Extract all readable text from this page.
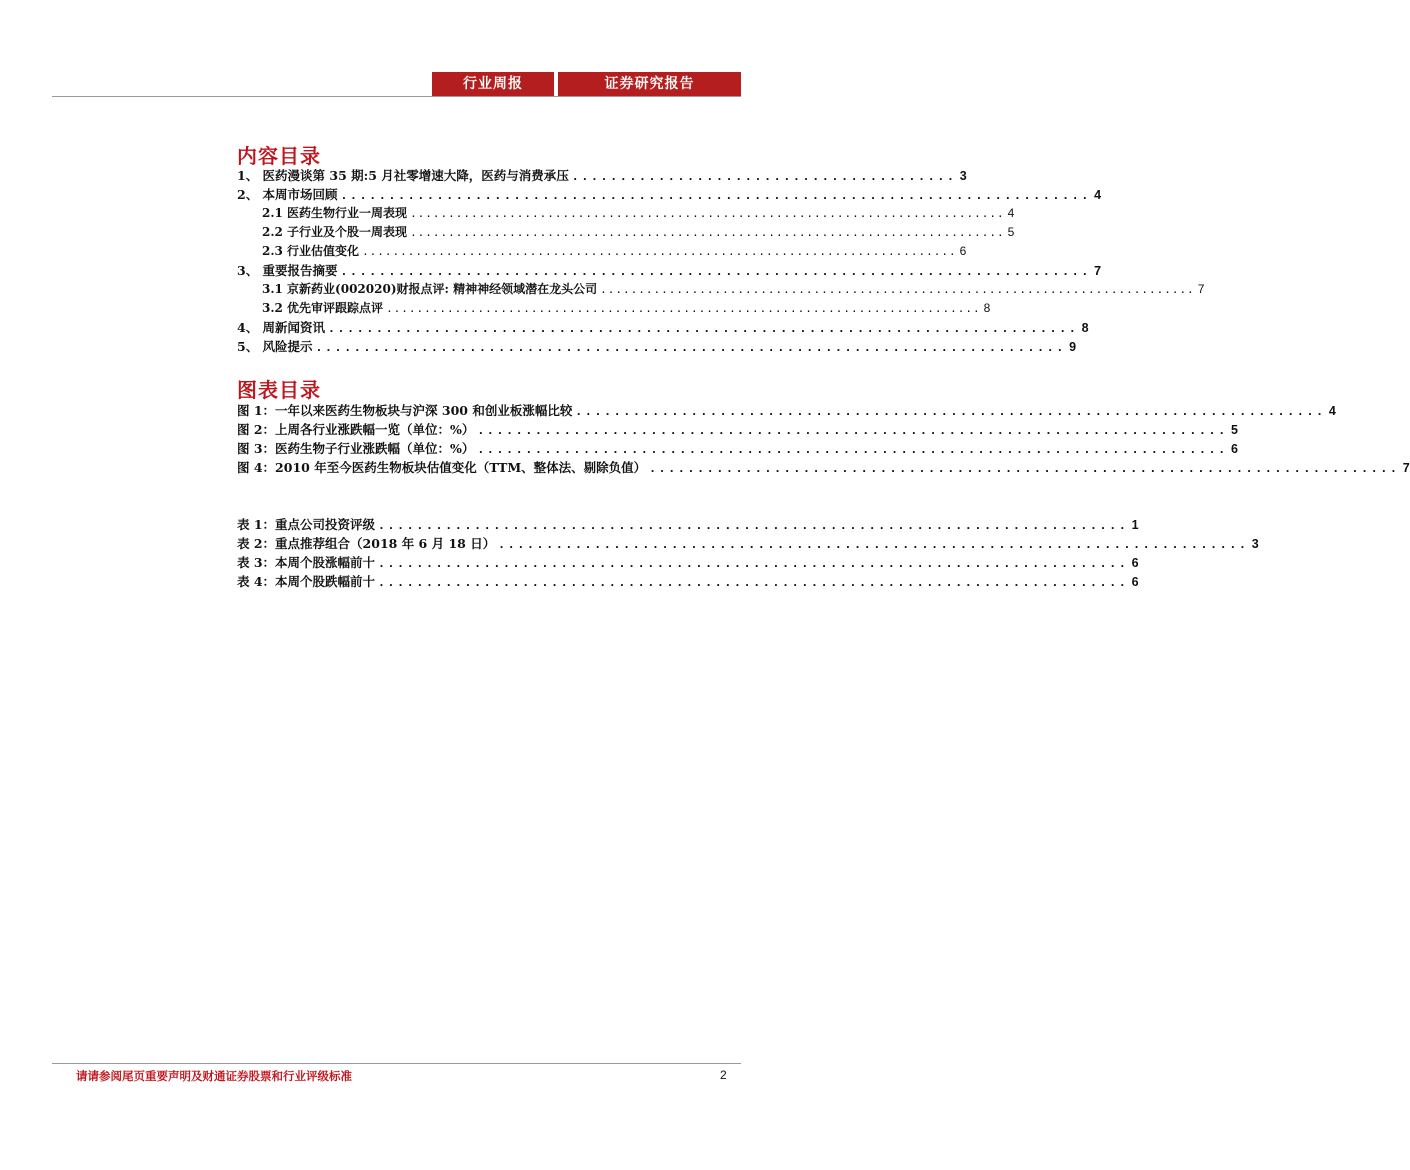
行业周报	证券研究报告
内容目录
1、 医药漫谈第 35 期:5 月社零增速大降，医药与消费承压 ........................................ 3
2、 本周市场回顾 .............................................................................. 4
2.1 医药生物行业一周表现 .............................................................................. 4
2.2 子行业及个股一周表现 .............................................................................. 5
2.3 行业估值变化 .............................................................................. 6
3、 重要报告摘要 .............................................................................. 7
3.1 京新药业(002020)财报点评: 精神神经领域潜在龙头公司 .............................................................................. 7
3.2 优先审评跟踪点评 .............................................................................. 8
4、 周新闻资讯 .............................................................................. 8
5、 风险提示 .............................................................................. 9
图表目录
图 1：一年以来医药生物板块与沪深 300 和创业板涨幅比较 .............................................................................. 4
图 2：上周各行业涨跌幅一览（单位：%） .............................................................................. 5
图 3：医药生物子行业涨跌幅（单位：%） .............................................................................. 6
图 4：2010 年至今医药生物板块估值变化（TTM、整体法、剔除负值） .............................................................................. 7
表 1：重点公司投资评级 .............................................................................. 1
表 2：重点推荐组合（2018 年 6 月 18 日） .............................................................................. 3
表 3：本周个股涨幅前十 .............................................................................. 6
表 4：本周个股跌幅前十 .............................................................................. 6
请请参阅尾页重要声明及财通证券股票和行业评级标准	2
